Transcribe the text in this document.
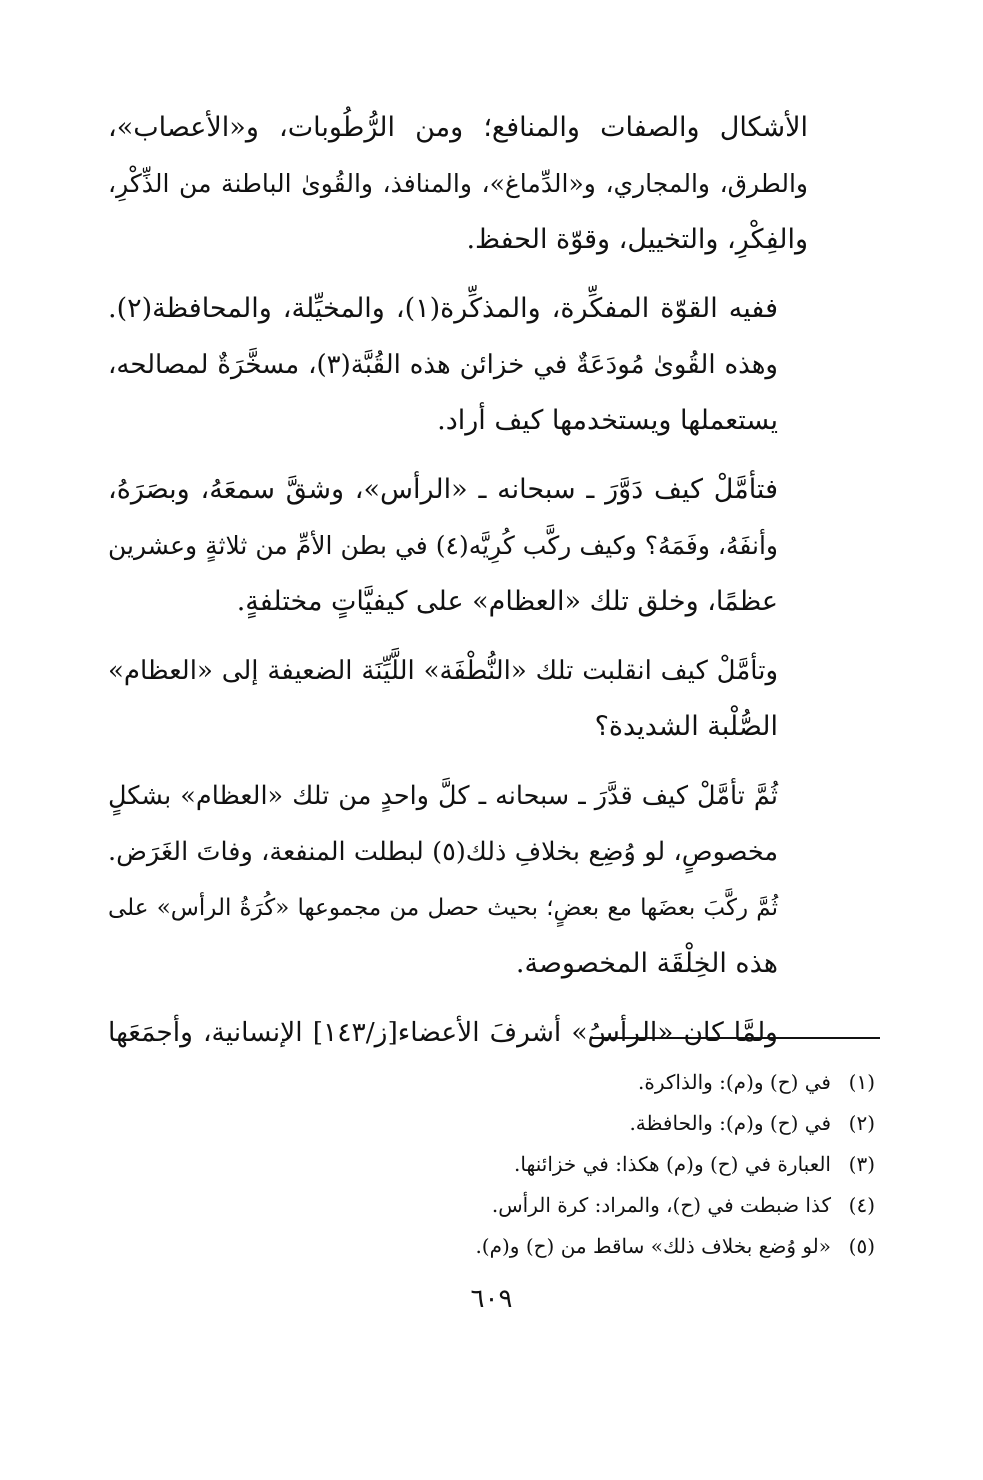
الأشكال والصفات والمنافع؛ ومن الرُّطُوبات، و«الأعصاب»،
والطرق، والمجاري، و«الدِّماغ»، والمنافذ، والقُوىٰ الباطنة من الذِّكْرِ،
والفِكْرِ، والتخييل، وقوّة الحفظ.

ففيه القوّة المفكِّرة، والمذكِّرة(١)، والمخيِّلة، والمحافظة(٢).
وهذه القُوىٰ مُودَعَةٌ في خزائن هذه القُبَّة(٣)، مسخَّرَةٌ لمصالحه،
يستعملها ويستخدمها كيف أراد.

فتأمَّلْ كيف دَوَّرَ ـ سبحانه ـ «الرأس»، وشقَّ سمعَهُ، وبصَرَهُ،
وأنفَهُ، وفَمَهُ؟ وكيف ركَّب كُرِيَّه(٤) في بطن الأمِّ من ثلاثةٍ وعشرين
عظمًا، وخلق تلك «العظام» على كيفيَّاتٍ مختلفةٍ.

وتأمَّلْ كيف انقلبت تلك «النُّطْفَة» اللَّيِّنَة الضعيفة إلى «العظام»
الصُّلْبة الشديدة؟

ثُمَّ تأمَّلْ كيف قدَّرَ ـ سبحانه ـ كلَّ واحدٍ من تلك «العظام» بشكلٍ
مخصوصٍ، لو وُضِع بخلافِ ذلك(٥) لبطلت المنفعة، وفاتَ الغَرَض.
ثُمَّ ركَّبَ بعضَها مع بعضٍ؛ بحيث حصل من مجموعها «كُرَةُ الرأس» على
هذه الخِلْقَة المخصوصة.

ولمَّا كان «الرأسُ» أشرفَ الأعضاء[ز/١٤٣] الإنسانية، وأجمَعَها

(١)في (ح) و(م): والذاكرة.
(٢)في (ح) و(م): والحافظة.
(٣)العبارة في (ح) و(م) هكذا: في خزائنها.
(٤)كذا ضبطت في (ح)، والمراد: كرة الرأس.
(٥)«لو وُضع بخلاف ذلك» ساقط من (ح) و(م).
٦٠٩
